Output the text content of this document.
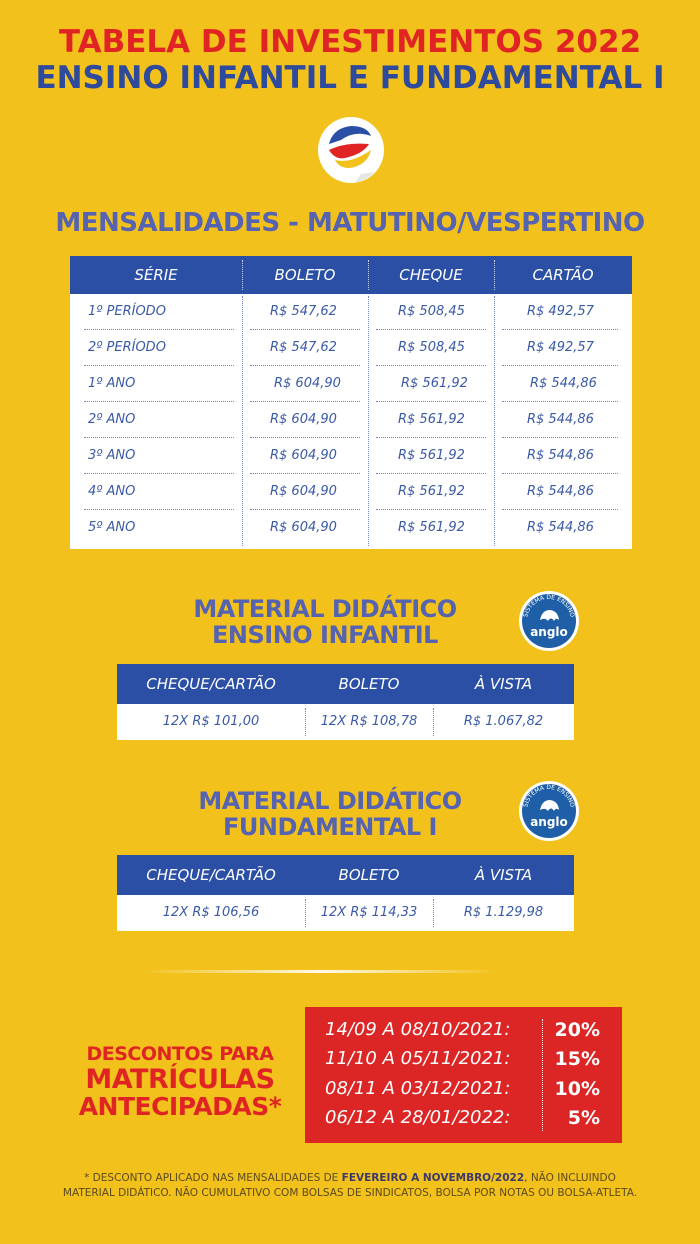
TABELA DE INVESTIMENTOS 2022
ENSINO INFANTIL E FUNDAMENTAL I
MENSALIDADES - MATUTINO/VESPERTINO
SÉRIE	BOLETO	CHEQUE	CARTÃO
1º PERÍODO	R$ 547,62	R$ 508,45	R$ 492,57
2º PERÍODO	R$ 547,62	R$ 508,45	R$ 492,57
1º ANO	R$ 604,90	R$ 561,92	R$ 544,86
2º ANO	R$ 604,90	R$ 561,92	R$ 544,86
3º ANO	R$ 604,90	R$ 561,92	R$ 544,86
4º ANO	R$ 604,90	R$ 561,92	R$ 544,86
5º ANO	R$ 604,90	R$ 561,92	R$ 544,86
MATERIAL DIDÁTICO
ENSINO INFANTIL
SISTEMA DE ENSINO
anglo
CHEQUE/CARTÃO	BOLETO	À VISTA
12X R$ 101,00	12X R$ 108,78	R$ 1.067,82
MATERIAL DIDÁTICO
FUNDAMENTAL I
SISTEMA DE ENSINO
anglo
CHEQUE/CARTÃO	BOLETO	À VISTA
12X R$ 106,56	12X R$ 114,33	R$ 1.129,98
DESCONTOS PARA
MATRÍCULAS
ANTECIPADAS*
14/09 A 08/10/2021: 20%
11/10 A 05/11/2021: 15%
08/11 A 03/12/2021: 10%
06/12 A 28/01/2022:	5%
* DESCONTO APLICADO NAS MENSALIDADES DE FEVEREIRO A NOVEMBRO/2022, NÃO INCLUINDO
MATERIAL DIDÁTICO. NÃO CUMULATIVO COM BOLSAS DE SINDICATOS, BOLSA POR NOTAS OU BOLSA-ATLETA.
